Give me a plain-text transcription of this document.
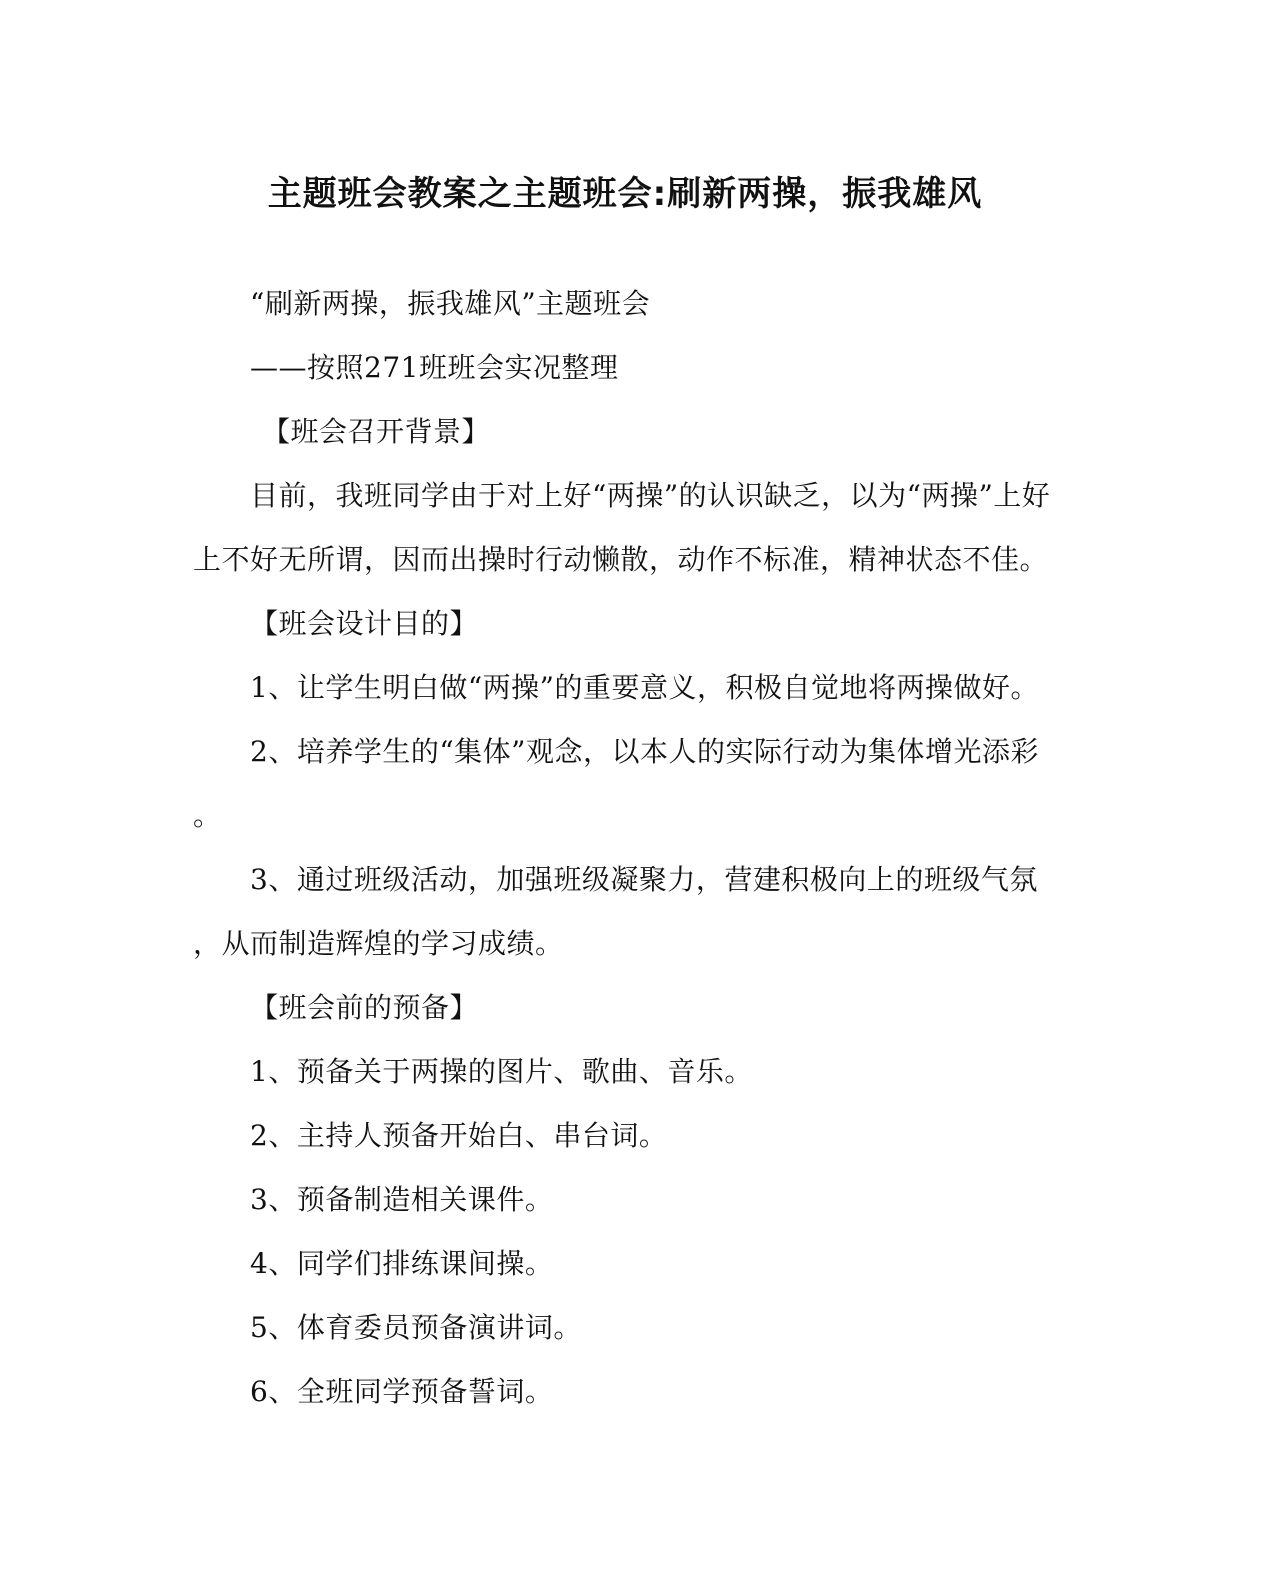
主题班会教案之主题班会:刷新两操，振我雄风
“刷新两操，振我雄风”主题班会
——按照271班班会实况整理
【班会召开背景】
目前，我班同学由于对上好“两操”的认识缺乏，以为“两操”上好
上不好无所谓，因而出操时行动懒散，动作不标准，精神状态不佳。
【班会设计目的】
1、让学生明白做“两操”的重要意义，积极自觉地将两操做好。
2、培养学生的“集体”观念，以本人的实际行动为集体增光添彩
。
3、通过班级活动，加强班级凝聚力，营建积极向上的班级气氛
，从而制造辉煌的学习成绩。
【班会前的预备】
1、预备关于两操的图片、歌曲、音乐。
2、主持人预备开始白、串台词。
3、预备制造相关课件。
4、同学们排练课间操。
5、体育委员预备演讲词。
6、全班同学预备誓词。
